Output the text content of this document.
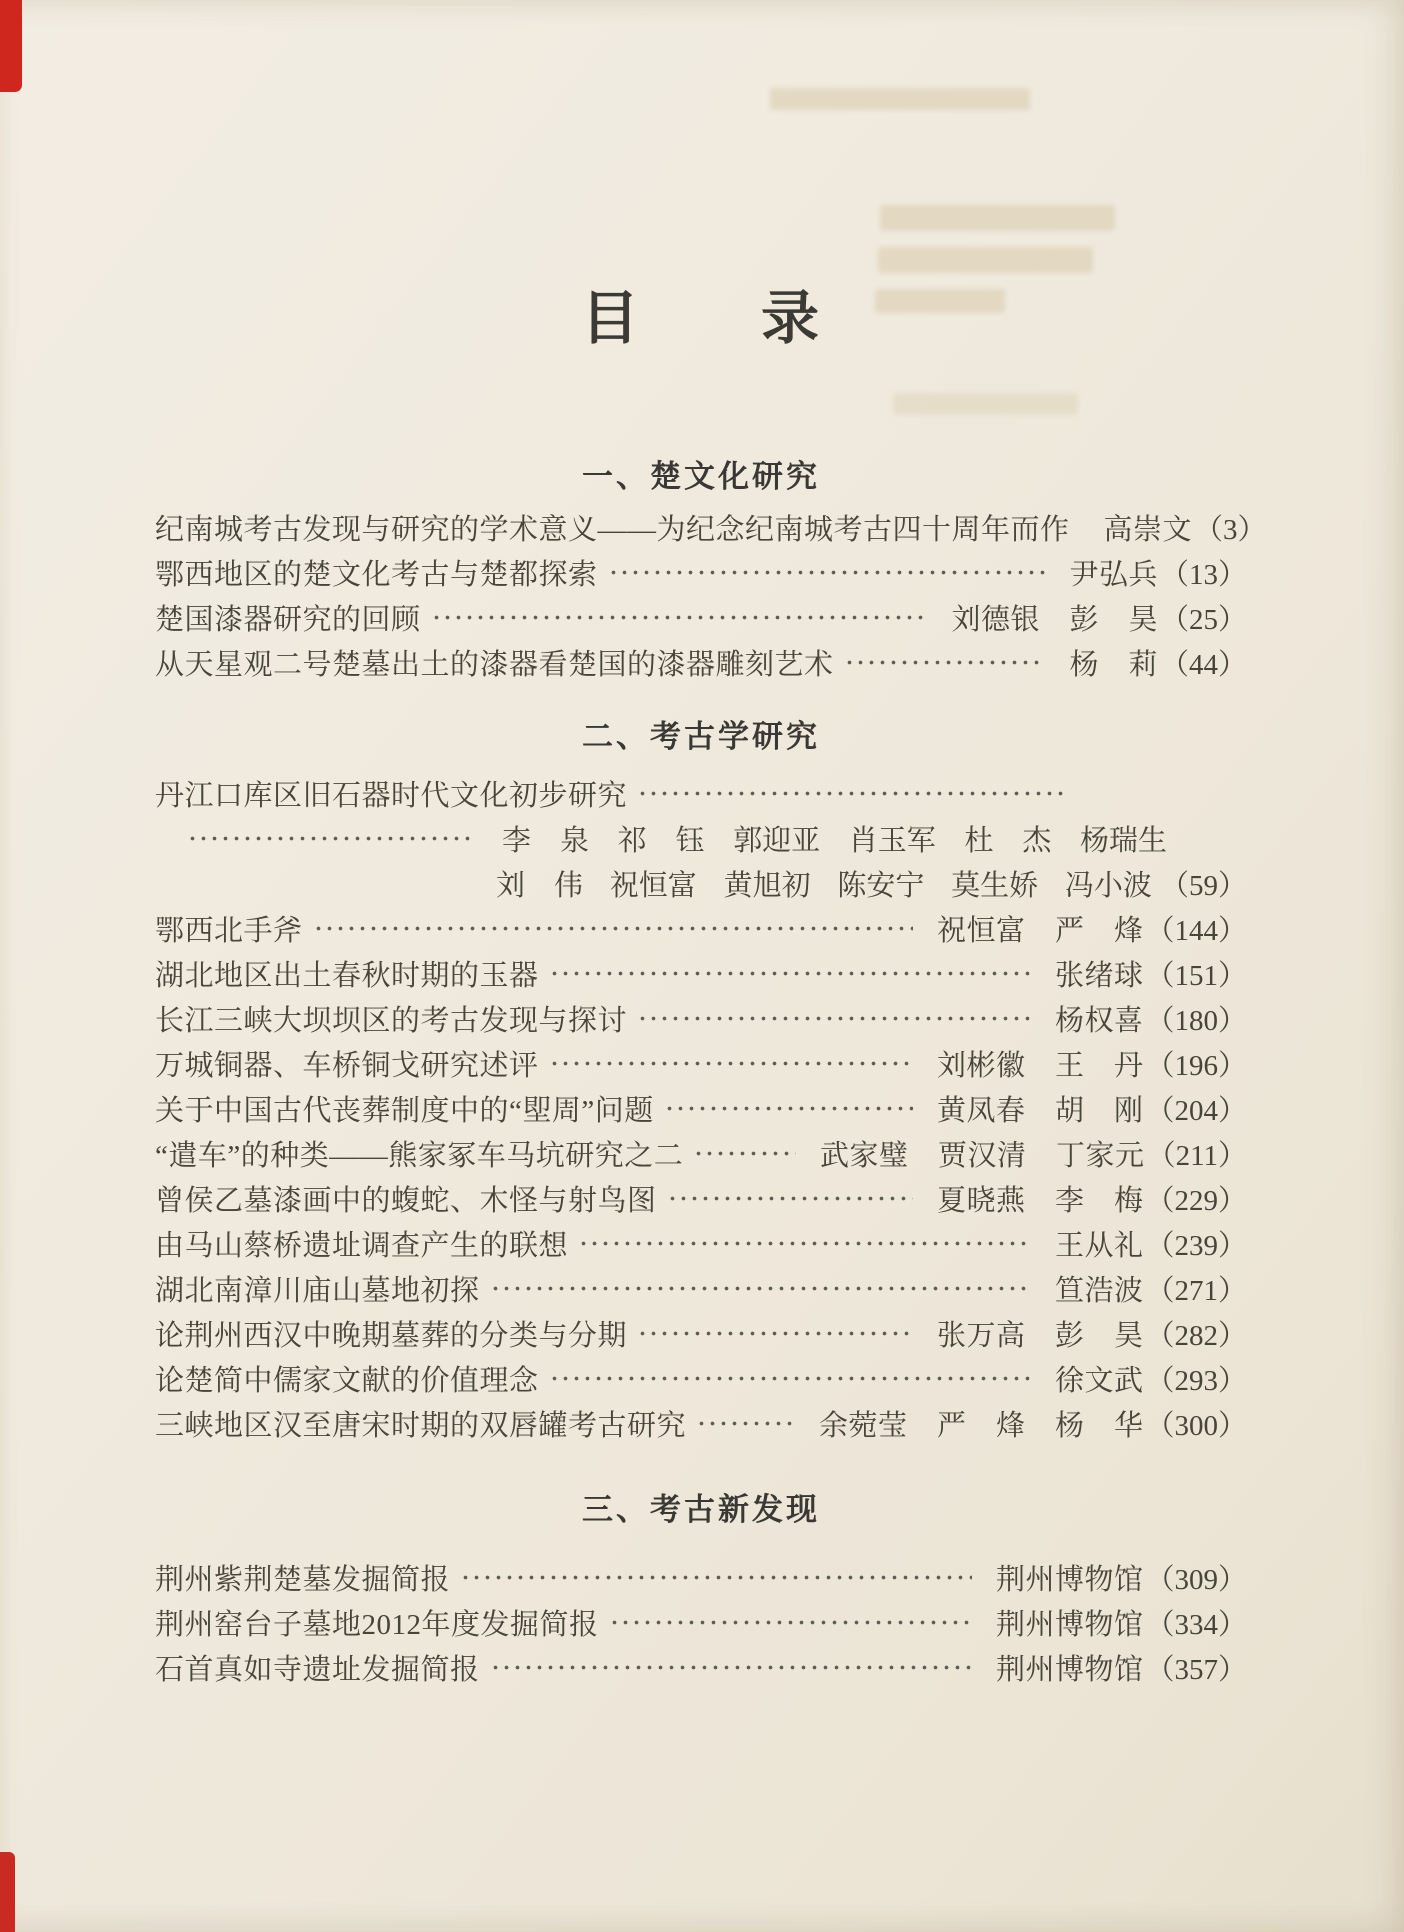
目　　录
一、楚文化研究
纪南城考古发现与研究的学术意义——为纪念纪南城考古四十周年而作 高崇文 （3）
鄂西地区的楚文化考古与楚都探索	尹弘兵 （13）
楚国漆器研究的回顾	刘德银　彭　昊 （25）
从天星观二号楚墓出土的漆器看楚国的漆器雕刻艺术	杨　莉 （44）
二、考古学研究
丹江口库区旧石器时代文化初步研究
李　泉 祁　钰 郭迎亚 肖玉军 杜　杰 杨瑞生
刘　伟 祝恒富 黄旭初 陈安宁 莫生娇 冯小波 （59）
鄂西北手斧	祝恒富　严　烽 （144）
湖北地区出土春秋时期的玉器	张绪球 （151）
长江三峡大坝坝区的考古发现与探讨	杨权喜 （180）
万城铜器、车桥铜戈研究述评	刘彬徽　王　丹 （196）
关于中国古代丧葬制度中的“堲周”问题	黄凤春　胡　刚 （204）
“遣车”的种类——熊家冢车马坑研究之二	武家璧　贾汉清　丁家元 （211）
曾侯乙墓漆画中的蝮蛇、木怪与射鸟图	夏晓燕　李　梅 （229）
由马山蔡桥遗址调查产生的联想	王从礼 （239）
湖北南漳川庙山墓地初探	笪浩波 （271）
论荆州西汉中晚期墓葬的分类与分期	张万高　彭　昊 （282）
论楚简中儒家文献的价值理念	徐文武 （293）
三峡地区汉至唐宋时期的双唇罐考古研究	余菀莹　严　烽　杨　华 （300）
三、考古新发现
荆州紫荆楚墓发掘简报	荆州博物馆 （309）
荆州窑台子墓地2012年度发掘简报	荆州博物馆 （334）
石首真如寺遗址发掘简报	荆州博物馆 （357）
